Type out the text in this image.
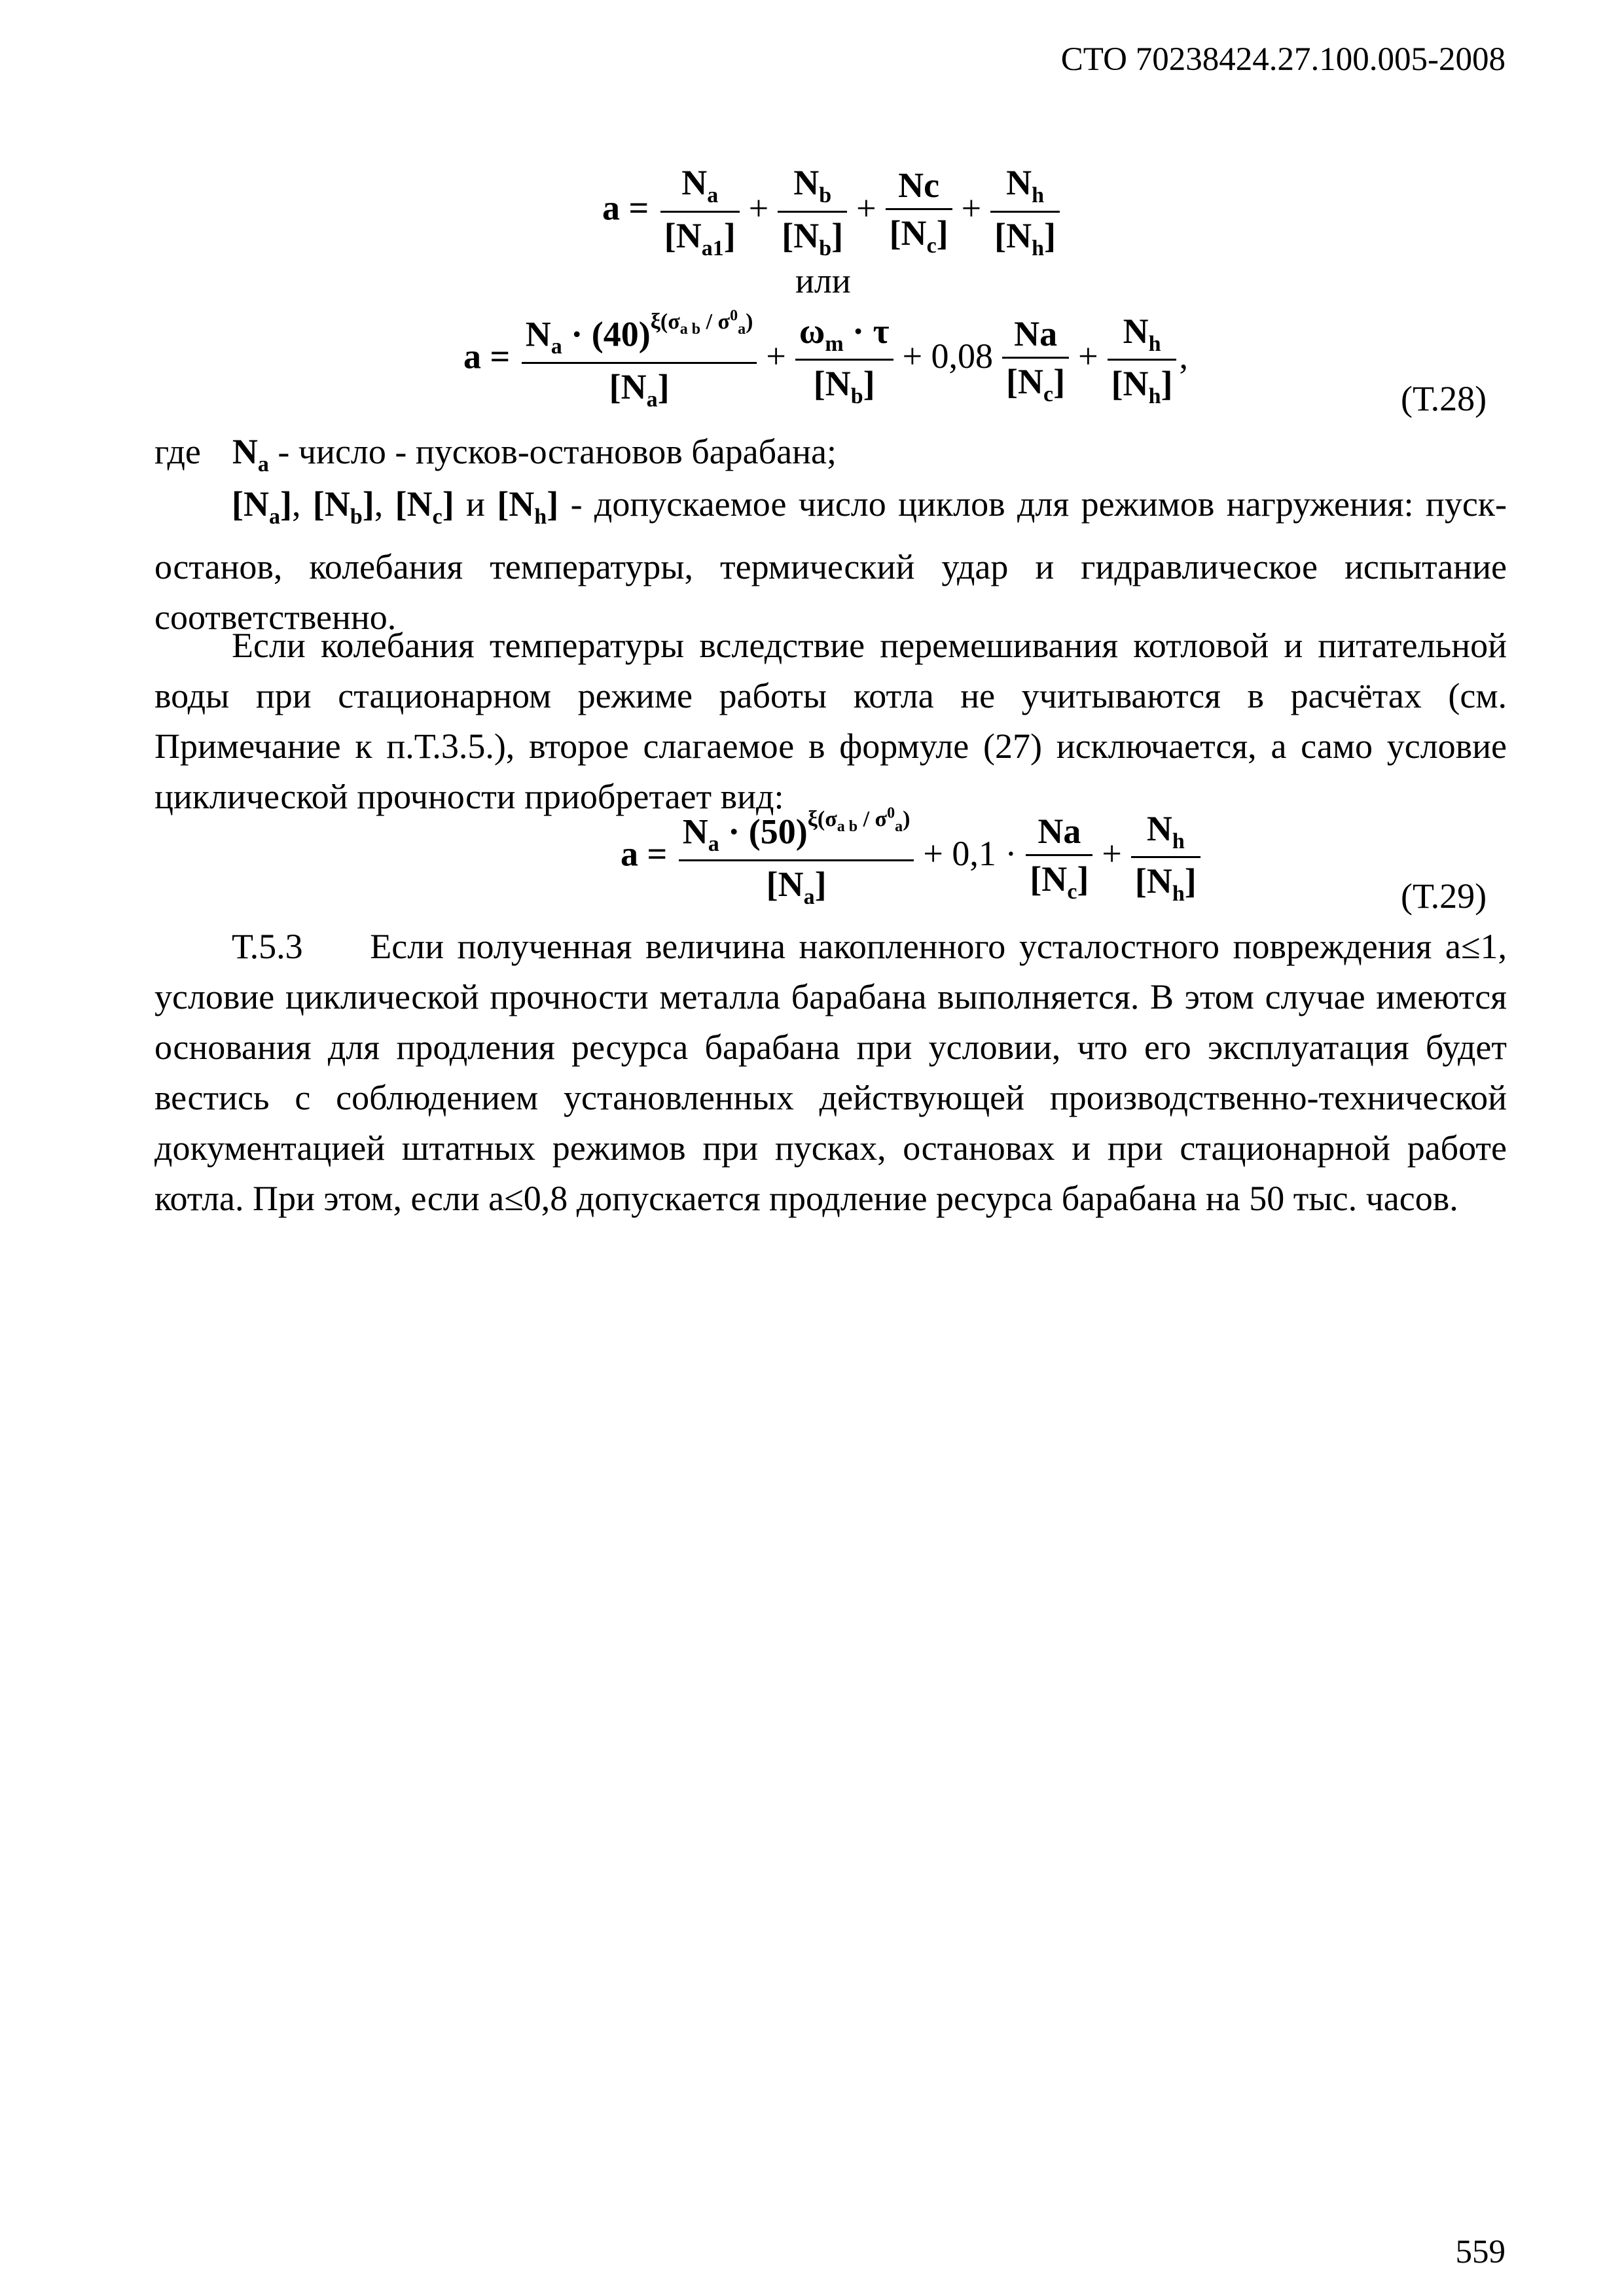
СТО 70238424.27.100.005-2008
$a = \frac{N_a}{[N_{a1}]} + \frac{N_b}{[N_b]} + \frac{Nc}{[N_c]} + \frac{N_h}{[N_h]}$
или
$a = \frac{N_a \cdot (40)^{\xi(\sigma_{a b} / \sigma^0_a)}}{[N_a]} + \frac{\omega_m \cdot \tau}{[N_b]} + 0,08 \frac{Na}{[N_c]} + \frac{N_h}{[N_h]}$ ,
(Т.28)
где $N_a$ - число - пусков-остановов барабана;
$[N_a]$, $[N_b]$, $[N_c]$ и $[N_h]$ - допускаемое число циклов для режимов нагружения: пуск-останов, колебания температуры, термический удар и гидравлическое испытание соответственно.
Если колебания температуры вследствие перемешивания котловой и питательной воды при стационарном режиме работы котла не учитываются в расчётах (см. Примечание к п.Т.3.5.), второе слагаемое в формуле (27) исключается, а само условие циклической прочности приобретает вид:
$a = \frac{N_a \cdot (50)^{\xi(\sigma_{a b} / \sigma^0_a)}}{[N_a]} + 0,1 \cdot \frac{Na}{[N_c]} + \frac{N_h}{[N_h]}$	(Т.29)
Т.5.3     Если полученная величина накопленного усталостного повреждения а≤1, условие циклической прочности металла барабана выполняется. В этом случае имеются основания для продления ресурса барабана при условии, что его эксплуатация будет вестись с соблюдением установленных действующей производственно-технической документацией штатных режимов при пусках, остановах и при стационарной работе котла. При этом, если а≤0,8 допускается продление ресурса барабана на 50 тыс. часов.
559
